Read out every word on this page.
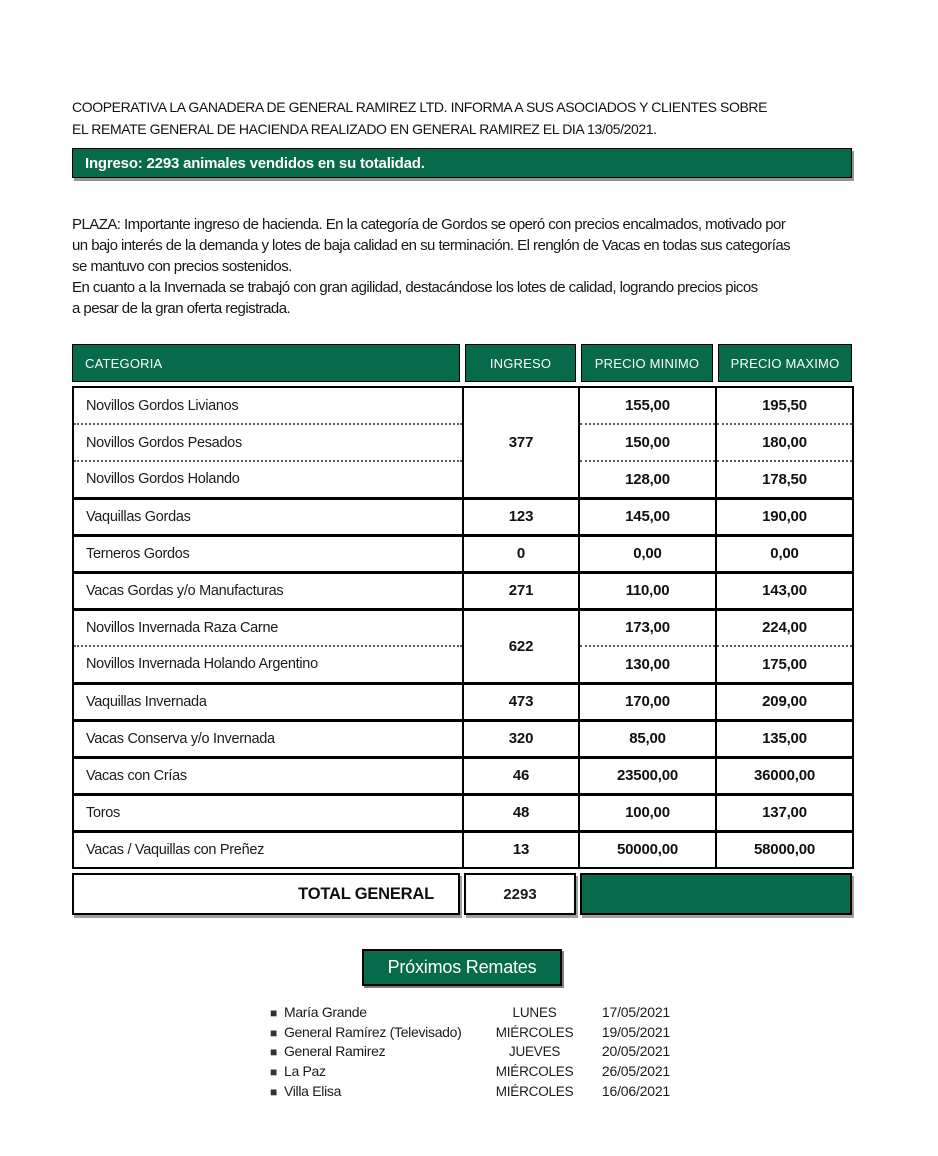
COOPERATIVA LA GANADERA DE GENERAL RAMIREZ LTD. INFORMA A SUS ASOCIADOS Y CLIENTES SOBRE
EL REMATE GENERAL DE HACIENDA REALIZADO EN GENERAL RAMIREZ EL DIA 13/05/2021.
Ingreso: 2293 animales vendidos en su totalidad.
PLAZA: Importante ingreso de hacienda. En la categoría de Gordos se operó con precios encalmados, motivado por
un bajo interés de la demanda y lotes de baja calidad en su terminación. El renglón de Vacas en todas sus categorías
se mantuvo con precios sostenidos.
En cuanto a la Invernada se trabajó con gran agilidad, destacándose los lotes de calidad, logrando precios picos
a pesar de la gran oferta registrada.
CATEGORIA	INGRESO	PRECIO MINIMO	PRECIO MAXIMO
Novillos Gordos Livianos	377	155,00	195,50
Novillos Gordos Pesados		150,00	180,00
Novillos Gordos Holando		128,00	178,50
Vaquillas Gordas	123	145,00	190,00
Terneros Gordos	0	0,00	0,00
Vacas Gordas y/o Manufacturas	271	110,00	143,00
Novillos Invernada Raza Carne	622	173,00	224,00
Novillos Invernada Holando Argentino		130,00	175,00
Vaquillas Invernada	473	170,00	209,00
Vacas Conserva y/o Invernada	320	85,00	135,00
Vacas con Crías	46	23500,00	36000,00
Toros	48	100,00	137,00
Vacas / Vaquillas con Preñez	13	50000,00	58000,00
TOTAL GENERAL	2293
Próximos Remates
■ María Grande	LUNES	17/05/2021
■ General Ramírez (Televisado)	MIÉRCOLES	19/05/2021
■ General Ramirez	JUEVES	20/05/2021
■ La Paz	MIÉRCOLES	26/05/2021
■ Villa Elisa	MIÉRCOLES	16/06/2021
